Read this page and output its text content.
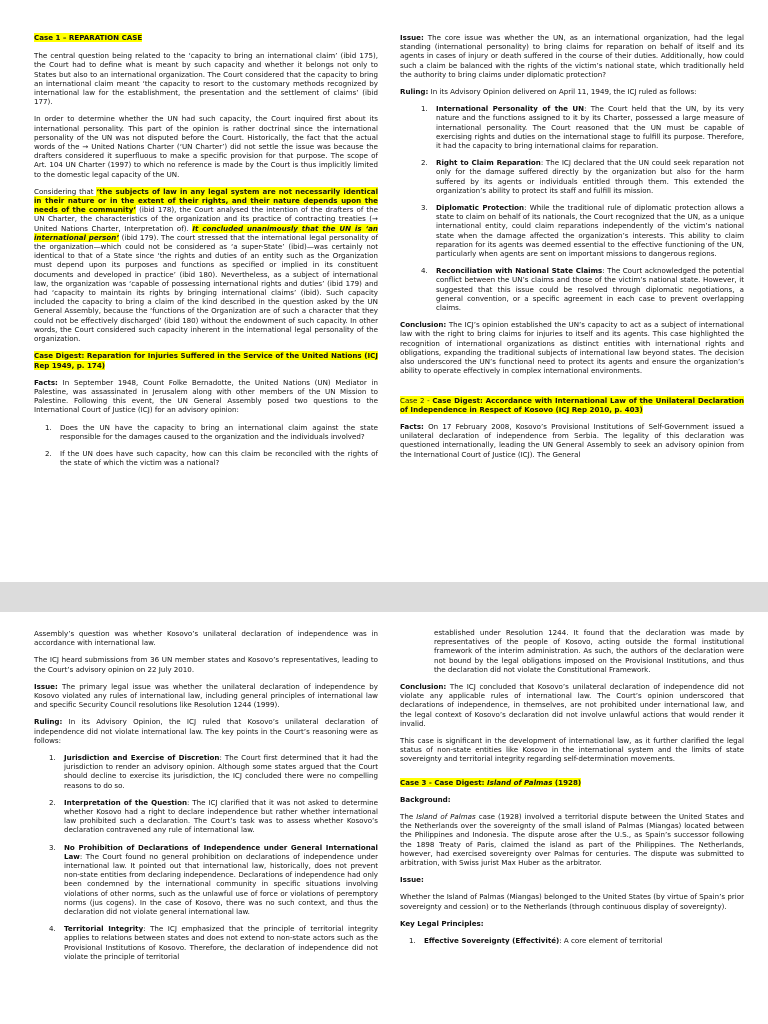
Case 1 – REPARATION CASE

The central question being related to the ‘capacity to bring an international claim’ (ibid 175), the Court had to define what is meant by such capacity and whether it belongs not only to States but also to an international organization. The Court considered that the capacity to bring an international claim meant ‘the capacity to resort to the customary methods recognized by international law for the establishment, the presentation and the settlement of claims’ (ibid 177).

In order to determine whether the UN had such capacity, the Court inquired first about its international personality. This part of the opinion is rather doctrinal since the international personality of the UN was not disputed before the Court. Historically, the fact that the actual words of the → United Nations Charter (‘UN Charter’) did not settle the issue was because the drafters considered it superfluous to make a specific provision for that purpose. The scope of Art. 104 UN Charter (1997) to which no reference is made by the Court is thus implicitly limited to the domestic legal capacity of the UN.

Considering that ‘the subjects of law in any legal system are not necessarily identical in their nature or in the extent of their rights, and their nature depends upon the needs of the community’ (ibid 178), the Court analysed the intention of the drafters of the UN Charter, the characteristics of the organization and its practice of contracting treaties (→ United Nations Charter, Interpretation of). It concluded unanimously that the UN is ‘an international person’ (ibid 179). The court stressed that the international legal personality of the organization—which could not be considered as ‘a super-State’ (ibid)—was certainly not identical to that of a State since ‘the rights and duties of an entity such as the Organization must depend upon its purposes and functions as specified or implied in its constituent documents and developed in practice’ (ibid 180). Nevertheless, as a subject of international law, the organization was ‘capable of possessing international rights and duties’ (ibid 179) and had ‘capacity to maintain its rights by bringing international claims’ (ibid). Such capacity included the capacity to bring a claim of the kind described in the question asked by the UN General Assembly, because the ‘functions of the Organization are of such a character that they could not be effectively discharged’ (ibid 180) without the endowment of such capacity. In other words, the Court considered such capacity inherent in the international legal personality of the organization.

Case Digest: Reparation for Injuries Suffered in the Service of the United Nations (ICJ Rep 1949, p. 174)

Facts: In September 1948, Count Folke Bernadotte, the United Nations (UN) Mediator in Palestine, was assassinated in Jerusalem along with other members of the UN Mission to Palestine. Following this event, the UN General Assembly posed two questions to the International Court of Justice (ICJ) for an advisory opinion:

1. Does the UN have the capacity to bring an international claim against the state responsible for the damages caused to the organization and the individuals involved?
2. If the UN does have such capacity, how can this claim be reconciled with the rights of the state of which the victim was a national?

Issue: The core issue was whether the UN, as an international organization, had the legal standing (international personality) to bring claims for reparation on behalf of itself and its agents in cases of injury or death suffered in the course of their duties. Additionally, how could such a claim be balanced with the rights of the victim’s national state, which traditionally held the authority to bring claims under diplomatic protection?

Ruling: In its Advisory Opinion delivered on April 11, 1949, the ICJ ruled as follows:

1. International Personality of the UN: The Court held that the UN, by its very nature and the functions assigned to it by its Charter, possessed a large measure of international personality. The Court reasoned that the UN must be capable of exercising rights and duties on the international stage to fulfill its purpose. Therefore, it had the capacity to bring international claims for reparation.
2. Right to Claim Reparation: The ICJ declared that the UN could seek reparation not only for the damage suffered directly by the organization but also for the harm suffered by its agents or individuals entitled through them. This extended the organization’s ability to protect its staff and fulfill its mission.
3. Diplomatic Protection: While the traditional rule of diplomatic protection allows a state to claim on behalf of its nationals, the Court recognized that the UN, as a unique international entity, could claim reparations independently of the victim’s national state when the damage affected the organization’s interests. This ability to claim reparation for its agents was deemed essential to the effective functioning of the UN, particularly when agents are sent on important missions to dangerous regions.
4. Reconciliation with National State Claims: The Court acknowledged the potential conflict between the UN’s claims and those of the victim’s national state. However, it suggested that this issue could be resolved through diplomatic negotiations, a general convention, or a specific agreement in each case to prevent overlapping claims.

Conclusion: The ICJ’s opinion established the UN’s capacity to act as a subject of international law with the right to bring claims for injuries to itself and its agents. This case highlighted the recognition of international organizations as distinct entities with international rights and obligations, expanding the traditional subjects of international law beyond states. The decision also underscored the UN’s functional need to protect its agents and ensure the organization’s ability to operate effectively in complex international environments.

Case 2 - Case Digest: Accordance with International Law of the Unilateral Declaration of Independence in Respect of Kosovo (ICJ Rep 2010, p. 403)

Facts: On 17 February 2008, Kosovo’s Provisional Institutions of Self-Government issued a unilateral declaration of independence from Serbia. The legality of this declaration was questioned internationally, leading the UN General Assembly to seek an advisory opinion from the International Court of Justice (ICJ). The General

Assembly’s question was whether Kosovo’s unilateral declaration of independence was in accordance with international law.

The ICJ heard submissions from 36 UN member states and Kosovo’s representatives, leading to the Court’s advisory opinion on 22 July 2010.

Issue: The primary legal issue was whether the unilateral declaration of independence by Kosovo violated any rules of international law, including general principles of international law and specific Security Council resolutions like Resolution 1244 (1999).

Ruling: In its Advisory Opinion, the ICJ ruled that Kosovo’s unilateral declaration of independence did not violate international law. The key points in the Court’s reasoning were as follows:

1. Jurisdiction and Exercise of Discretion: The Court first determined that it had the jurisdiction to render an advisory opinion. Although some states argued that the Court should decline to exercise its jurisdiction, the ICJ concluded there were no compelling reasons to do so.
2. Interpretation of the Question: The ICJ clarified that it was not asked to determine whether Kosovo had a right to declare independence but rather whether international law prohibited such a declaration. The Court’s task was to assess whether Kosovo’s declaration contravened any rule of international law.
3. No Prohibition of Declarations of Independence under General International Law: The Court found no general prohibition on declarations of independence under international law. It pointed out that international law, historically, does not prevent non-state entities from declaring independence. Declarations of independence had only been condemned by the international community in specific situations involving violations of other norms, such as the unlawful use of force or violations of peremptory norms (jus cogens). In the case of Kosovo, there was no such context, and thus the declaration did not violate general international law.
4. Territorial Integrity: The ICJ emphasized that the principle of territorial integrity applies to relations between states and does not extend to non-state actors such as the Provisional Institutions of Kosovo. Therefore, the declaration of independence did not violate the principle of territorial

established under Resolution 1244. It found that the declaration was made by representatives of the people of Kosovo, acting outside the formal institutional framework of the interim administration. As such, the authors of the declaration were not bound by the legal obligations imposed on the Provisional Institutions, and thus the declaration did not violate the Constitutional Framework.

Conclusion: The ICJ concluded that Kosovo’s unilateral declaration of independence did not violate any applicable rules of international law. The Court’s opinion underscored that declarations of independence, in themselves, are not prohibited under international law, and the legal context of Kosovo’s declaration did not involve unlawful actions that would render it invalid.

This case is significant in the development of international law, as it further clarified the legal status of non-state entities like Kosovo in the international system and the limits of state sovereignty and territorial integrity regarding self-determination movements.

Case 3 - Case Digest: Island of Palmas (1928)

Background:

The Island of Palmas case (1928) involved a territorial dispute between the United States and the Netherlands over the sovereignty of the small island of Palmas (Miangas) located between the Philippines and Indonesia. The dispute arose after the U.S., as Spain’s successor following the 1898 Treaty of Paris, claimed the island as part of the Philippines. The Netherlands, however, had exercised sovereignty over Palmas for centuries. The dispute was submitted to arbitration, with Swiss jurist Max Huber as the arbitrator.

Issue:

Whether the Island of Palmas (Miangas) belonged to the United States (by virtue of Spain’s prior sovereignty and cession) or to the Netherlands (through continuous display of sovereignty).

Key Legal Principles:

1. Effective Sovereignty (Effectivité): A core element of territorial
